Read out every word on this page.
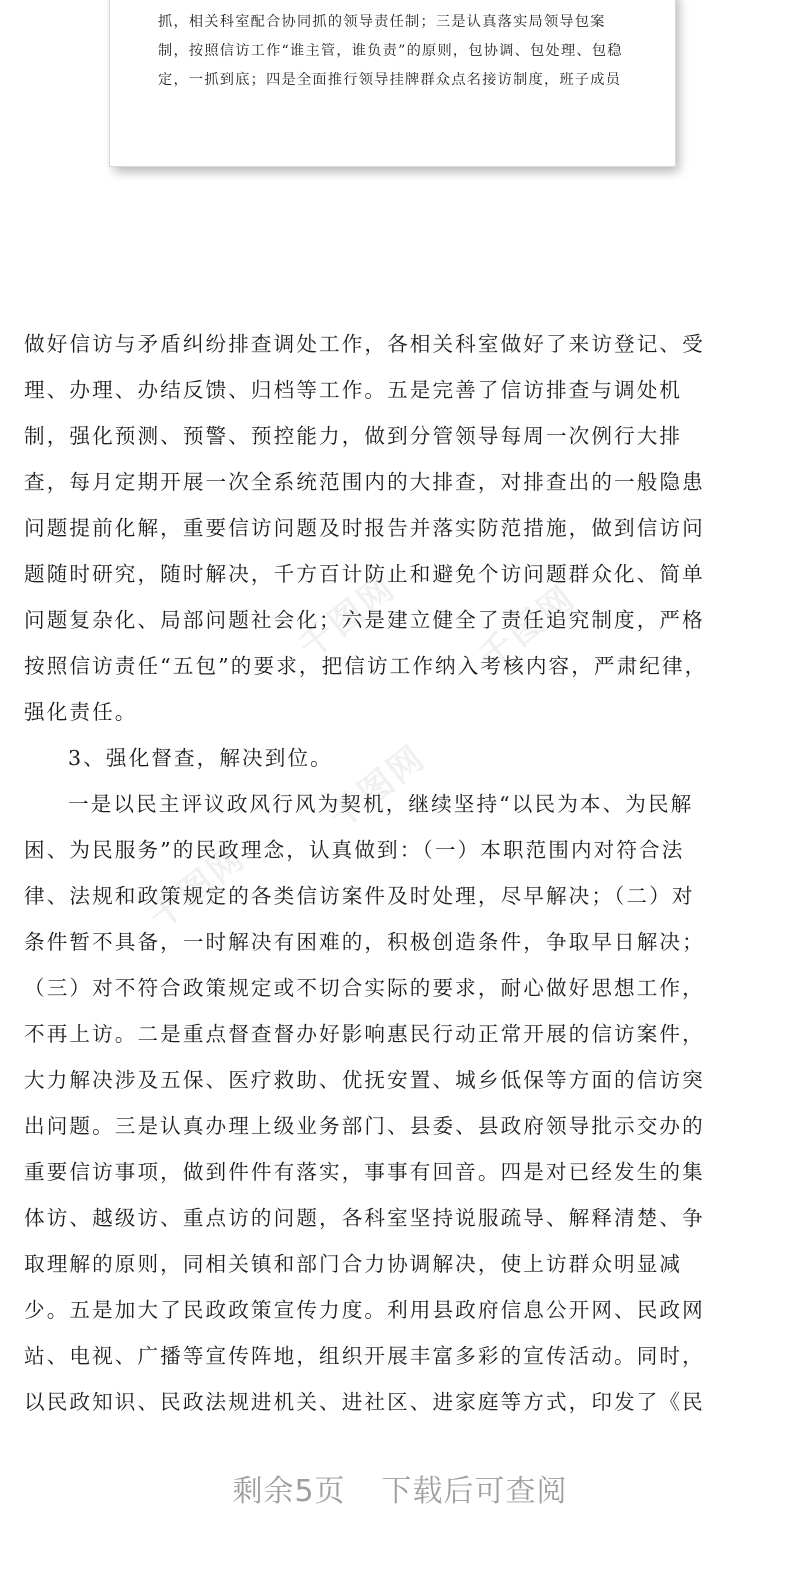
抓，相关科室配合协同抓的领导责任制；三是认真落实局领导包案
制，按照信访工作“谁主管，谁负责”的原则，包协调、包处理、包稳
定，一抓到底；四是全面推行领导挂牌群众点名接访制度，班子成员
千图网
千图网
千图网
千图网
做好信访与矛盾纠纷排查调处工作，各相关科室做好了来访登记、受
理、办理、办结反馈、归档等工作。五是完善了信访排查与调处机
制，强化预测、预警、预控能力，做到分管领导每周一次例行大排
查，每月定期开展一次全系统范围内的大排查，对排查出的一般隐患
问题提前化解，重要信访问题及时报告并落实防范措施，做到信访问
题随时研究，随时解决，千方百计防止和避免个访问题群众化、简单
问题复杂化、局部问题社会化；六是建立健全了责任追究制度，严格
按照信访责任“五包”的要求，把信访工作纳入考核内容，严肃纪律，
强化责任。
3、强化督查，解决到位。
一是以民主评议政风行风为契机，继续坚持“以民为本、为民解
困、为民服务”的民政理念，认真做到：（一）本职范围内对符合法
律、法规和政策规定的各类信访案件及时处理，尽早解决；（二）对
条件暂不具备，一时解决有困难的，积极创造条件，争取早日解决；
（三）对不符合政策规定或不切合实际的要求，耐心做好思想工作，
不再上访。二是重点督查督办好影响惠民行动正常开展的信访案件，
大力解决涉及五保、医疗救助、优抚安置、城乡低保等方面的信访突
出问题。三是认真办理上级业务部门、县委、县政府领导批示交办的
重要信访事项，做到件件有落实，事事有回音。四是对已经发生的集
体访、越级访、重点访的问题，各科室坚持说服疏导、解释清楚、争
取理解的原则，同相关镇和部门合力协调解决，使上访群众明显减
少。五是加大了民政政策宣传力度。利用县政府信息公开网、民政网
站、电视、广播等宣传阵地，组织开展丰富多彩的宣传活动。同时，
以民政知识、民政法规进机关、进社区、进家庭等方式，印发了《民
剩余5页 下载后可查阅
